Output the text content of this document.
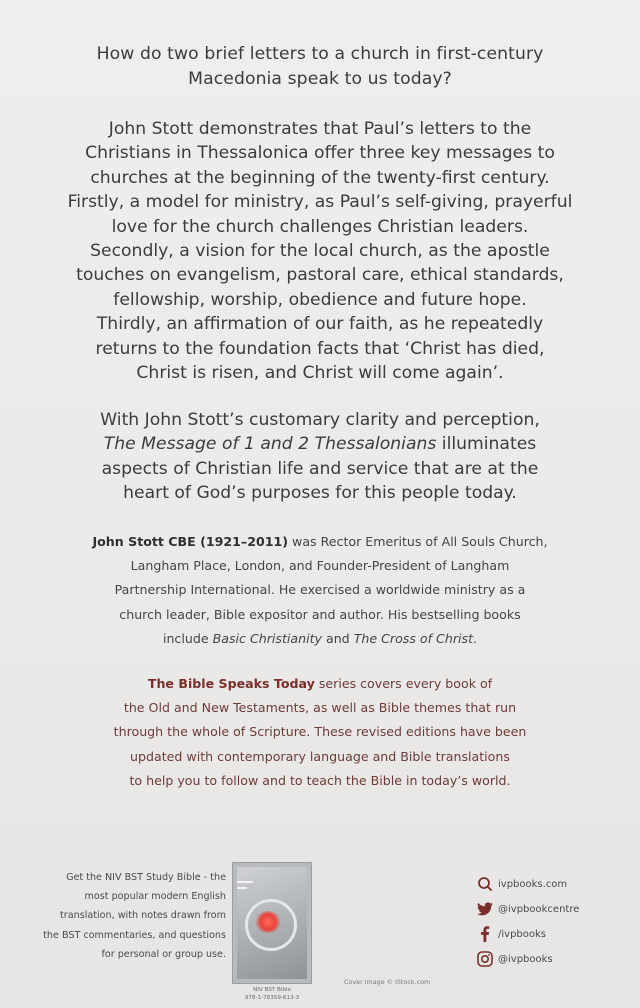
How do two brief letters to a church in first-century

Macedonia speak to us today?

John Stott demonstrates that Paul’s letters to the

Christians in Thessalonica offer three key messages to

churches at the beginning of the twenty-first century.

Firstly, a model for ministry, as Paul’s self-giving, prayerful

love for the church challenges Christian leaders.

Secondly, a vision for the local church, as the apostle

touches on evangelism, pastoral care, ethical standards,

fellowship, worship, obedience and future hope.

Thirdly, an affirmation of our faith, as he repeatedly

returns to the foundation facts that ‘Christ has died,

Christ is risen, and Christ will come again’.

With John Stott’s customary clarity and perception,

The Message of 1 and 2 Thessalonians illuminates

aspects of Christian life and service that are at the

heart of God’s purposes for this people today.

John Stott CBE (1921–2011) was Rector Emeritus of All Souls Church,

Langham Place, London, and Founder-President of Langham

Partnership International. He exercised a worldwide ministry as a

church leader, Bible expositor and author. His bestselling books

include Basic Christianity and The Cross of Christ.

The Bible Speaks Today series covers every book of

the Old and New Testaments, as well as Bible themes that run

through the whole of Scripture. These revised editions have been

updated with contemporary language and Bible translations

to help you to follow and to teach the Bible in today’s world.

Get the NIV BST Study Bible - the

most popular modern English

translation, with notes drawn from

the BST commentaries, and questions

for personal or group use.

NIV BST Bible

978-1-78359-613-3

Cover image © iStock.com
ivpbooks.com
@ivpbookcentre
/ivpbooks
@ivpbooks
